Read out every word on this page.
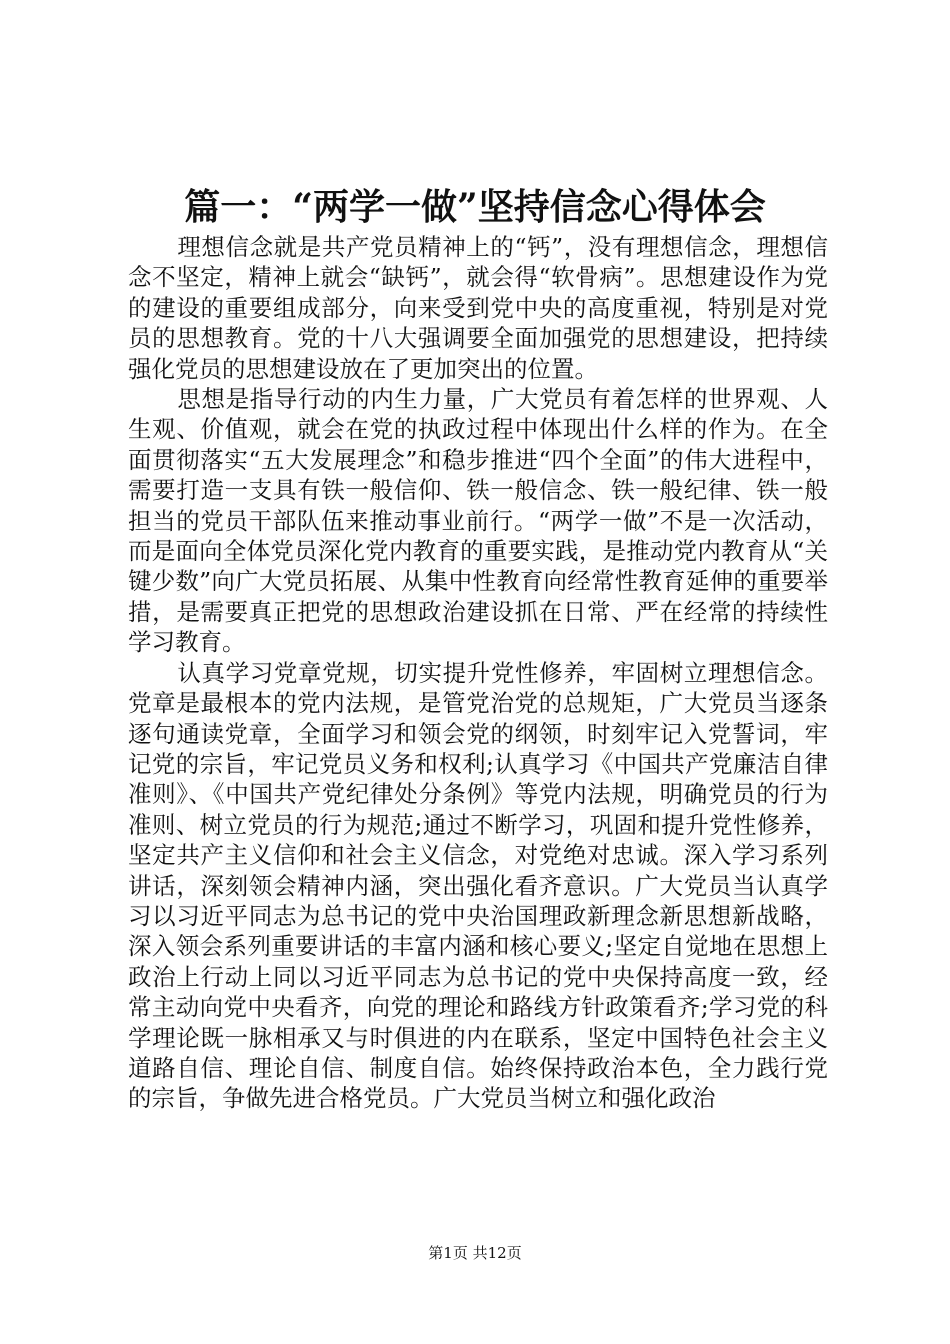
篇一：“两学一做”坚持信念心得体会

理想信念就是共产党员精神上的“钙”，没有理想信念，理想信念不坚定，精神上就会“缺钙”，就会得“软骨病”。思想建设作为党的建设的重要组成部分，向来受到党中央的高度重视，特别是对党员的思想教育。党的十八大强调要全面加强党的思想建设，把持续强化党员的思想建设放在了更加突出的位置。

思想是指导行动的内生力量，广大党员有着怎样的世界观、人生观、价值观，就会在党的执政过程中体现出什么样的作为。在全面贯彻落实“五大发展理念”和稳步推进“四个全面”的伟大进程中，需要打造一支具有铁一般信仰、铁一般信念、铁一般纪律、铁一般担当的党员干部队伍来推动事业前行。“两学一做”不是一次活动，而是面向全体党员深化党内教育的重要实践，是推动党内教育从“关键少数”向广大党员拓展、从集中性教育向经常性教育延伸的重要举措，是需要真正把党的思想政治建设抓在日常、严在经常的持续性学习教育。

认真学习党章党规，切实提升党性修养，牢固树立理想信念。党章是最根本的党内法规，是管党治党的总规矩，广大党员当逐条逐句通读党章，全面学习和领会党的纲领，时刻牢记入党誓词，牢记党的宗旨，牢记党员义务和权利;认真学习《中国共产党廉洁自律准则》、《中国共产党纪律处分条例》等党内法规，明确党员的行为准则、树立党员的行为规范;通过不断学习，巩固和提升党性修养，坚定共产主义信仰和社会主义信念，对党绝对忠诚。深入学习系列讲话，深刻领会精神内涵，突出强化看齐意识。广大党员当认真学习以习近平同志为总书记的党中央治国理政新理念新思想新战略，深入领会系列重要讲话的丰富内涵和核心要义;坚定自觉地在思想上政治上行动上同以习近平同志为总书记的党中央保持高度一致，经常主动向党中央看齐，向党的理论和路线方针政策看齐;学习党的科学理论既一脉相承又与时俱进的内在联系，坚定中国特色社会主义道路自信、理论自信、制度自信。始终保持政治本色，全力践行党的宗旨，争做先进合格党员。广大党员当树立和强化政治

第1页 共12页
